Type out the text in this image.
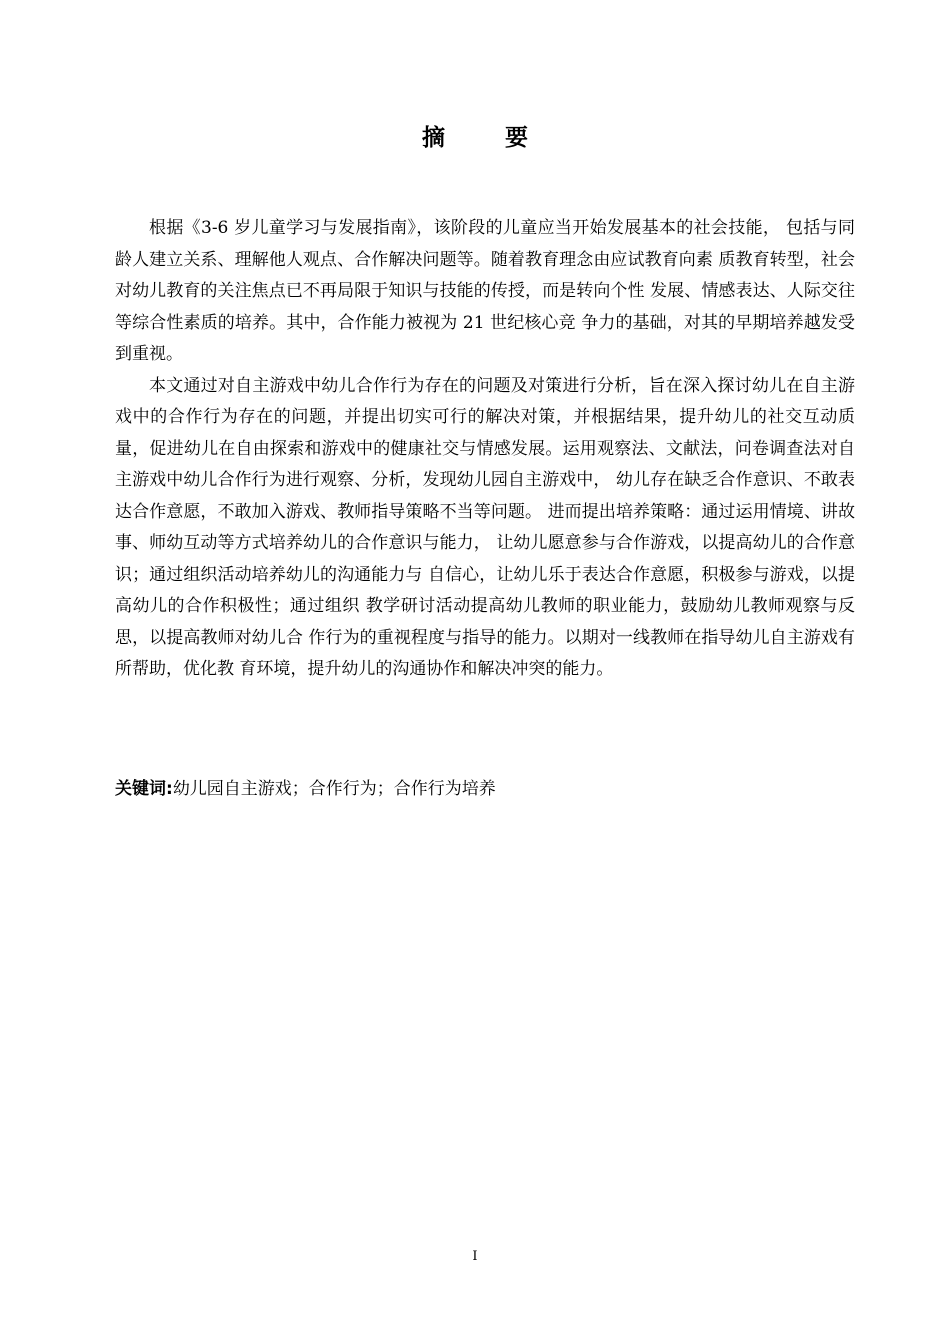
摘 要

根据《3-6 岁儿童学习与发展指南》，该阶段的儿童应当开始发展基本的社会技能， 包括与同龄人建立关系、理解他人观点、合作解决问题等。随着教育理念由应试教育向素 质教育转型，社会对幼儿教育的关注焦点已不再局限于知识与技能的传授，而是转向个性 发展、情感表达、人际交往等综合性素质的培养。其中，合作能力被视为 21 世纪核心竞 争力的基础，对其的早期培养越发受到重视。

本文通过对自主游戏中幼儿合作行为存在的问题及对策进行分析，旨在深入探讨幼儿在自主游戏中的合作行为存在的问题，并提出切实可行的解决对策，并根据结果，提升幼儿的社交互动质量，促进幼儿在自由探索和游戏中的健康社交与情感发展。运用观察法、文献法，问卷调查法对自主游戏中幼儿合作行为进行观察、分析，发现幼儿园自主游戏中， 幼儿存在缺乏合作意识、不敢表达合作意愿，不敢加入游戏、教师指导策略不当等问题。 进而提出培养策略：通过运用情境、讲故事、师幼互动等方式培养幼儿的合作意识与能力， 让幼儿愿意参与合作游戏，以提高幼儿的合作意识；通过组织活动培养幼儿的沟通能力与 自信心，让幼儿乐于表达合作意愿，积极参与游戏，以提高幼儿的合作积极性；通过组织 教学研讨活动提高幼儿教师的职业能力，鼓励幼儿教师观察与反思，以提高教师对幼儿合 作行为的重视程度与指导的能力。以期对一线教师在指导幼儿自主游戏有所帮助，优化教 育环境，提升幼儿的沟通协作和解决冲突的能力。

关键词:幼儿园自主游戏；合作行为；合作行为培养
I
